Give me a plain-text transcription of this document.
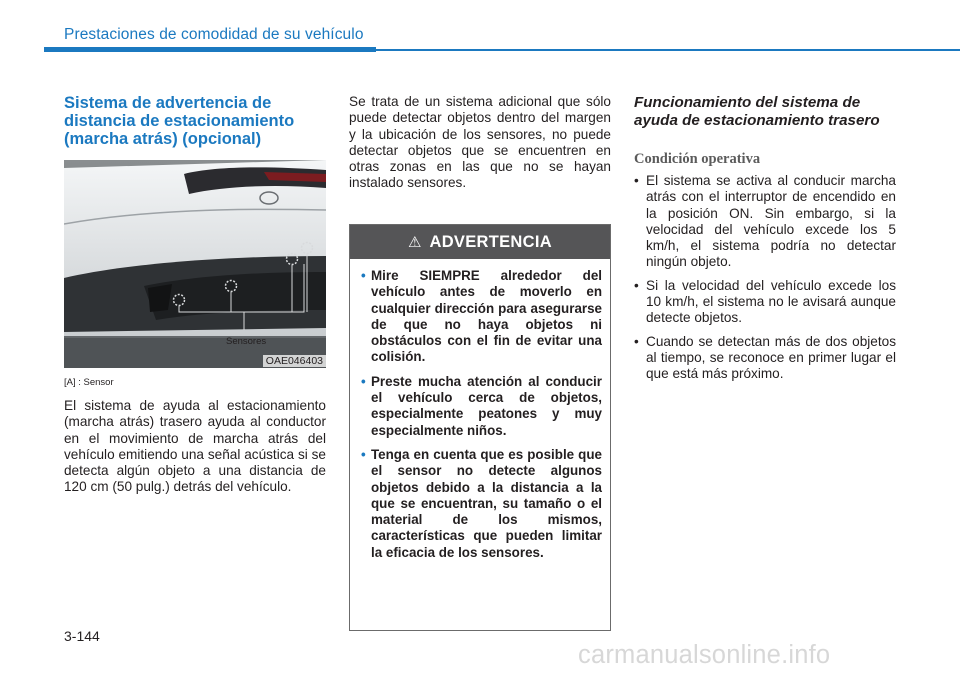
Prestaciones de comodidad de su vehículo
Sistema de advertencia de distancia de estacionamiento (marcha atrás) (opcional)
Sensores
OAE046403
[A] : Sensor

El sistema de ayuda al estacionamiento (marcha atrás) trasero ayuda al conductor en el movimiento de marcha atrás del vehículo emitiendo una señal acústica si se detecta algún objeto a una distancia de 120 cm (50 pulg.) detrás del vehículo.

Se trata de un sistema adicional que sólo puede detectar objetos dentro del margen y la ubicación de los sensores, no puede detectar objetos que se encuentren en otras zonas en las que no se hayan instalado sensores.

⚠ ADVERTENCIA
• Mire SIEMPRE alrededor del vehículo antes de moverlo en cualquier dirección para asegurarse de que no haya objetos ni obstáculos con el fin de evitar una colisión.
• Preste mucha atención al conducir el vehículo cerca de objetos, especialmente peatones y muy especialmente niños.
• Tenga en cuenta que es posible que el sensor no detecte algunos objetos debido a la distancia a la que se encuentran, su tamaño o el material de los mismos, características que pueden limitar la eficacia de los sensores.
Funcionamiento del sistema de ayuda de estacionamiento trasero
Condición operativa
• El sistema se activa al conducir marcha atrás con el interruptor de encendido en la posición ON. Sin embargo, si la velocidad del vehículo excede los 5 km/h, el sistema podría no detectar ningún objeto.
• Si la velocidad del vehículo excede los 10 km/h, el sistema no le avisará aunque detecte objetos.
• Cuando se detectan más de dos objetos al tiempo, se reconoce en primer lugar el que está más próximo.
3-144
carmanualsonline.info
